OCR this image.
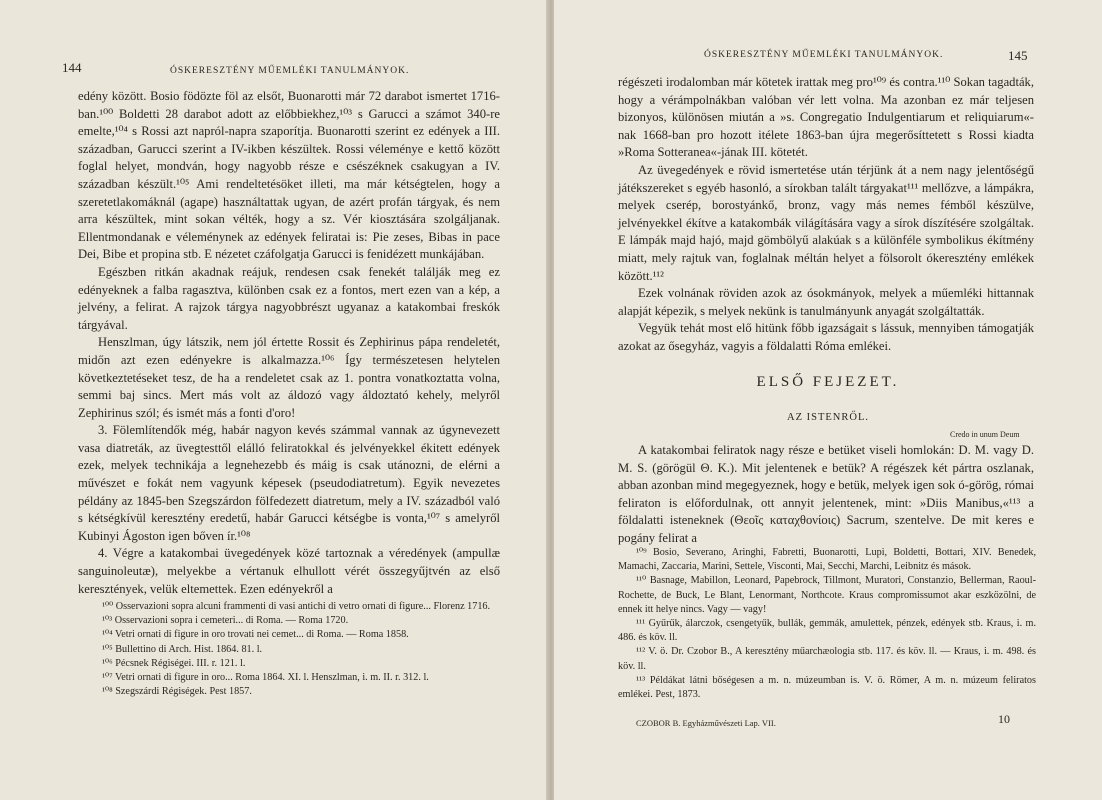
144	ÓSKERESZTÉNY MŰEMLÉKI TANULMÁNYOK.

edény között. Bosio födözte föl az elsőt, Buonarotti már 72 darabot ismertet 1716-ban.¹⁰⁰ Boldetti 28 darabot adott az előbbiekhez,¹⁰³ s Garucci a számot 340-re emelte,¹⁰⁴ s Rossi azt napról-napra szaporítja. Buonarotti szerint ez edények a III. században, Garucci szerint a IV-ikben készültek. Rossi véleménye e kettő között foglal helyet, mondván, hogy nagyobb része e csészéknek csakugyan a IV. században készült.¹⁰⁵ Ami rendeltetésöket illeti, ma már kétségtelen, hogy a szeretetlakomáknál (agape) használtattak ugyan, de azért profán tárgyak, és nem arra készültek, mint sokan vélték, hogy a sz. Vér kiosztására szolgáljanak. Ellentmondanak e véleménynek az edények feliratai is: Pie zeses, Bibas in pace Dei, Bibe et propina stb. E nézetet czáfolgatja Garucci is fenidézett munkájában.

Egészben ritkán akadnak reájuk, rendesen csak fenekét találják meg ez edényeknek a falba ragasztva, különben csak ez a fontos, mert ezen van a kép, a jelvény, a felirat. A rajzok tárgya nagyobbrészt ugyanaz a katakombai freskók tárgyával.

Henszlman, úgy látszik, nem jól értette Rossit és Zephirinus pápa rendeletét, midőn azt ezen edényekre is alkalmazza.¹⁰⁶ Így természetesen helytelen következtetéseket tesz, de ha a rendeletet csak az 1. pontra vonatkoztatta volna, semmi baj sincs. Mert más volt az áldozó vagy áldoztató kehely, melyről Zephirinus szól; és ismét más a fonti d'oro!

3. Fölemlítendők még, habár nagyon kevés számmal vannak az úgynevezett vasa diatreták, az üvegtesttől elálló feliratokkal és jelvényekkel ékitett edények ezek, melyek technikája a legnehezebb és máig is csak utánozni, de elérni a művészet e fokát nem vagyunk képesek (pseudodiatretum). Egyik nevezetes példány az 1845-ben Szegszárdon fölfedezett diatretum, mely a IV. századból való s kétségkívül keresztény eredetű, habár Garucci kétségbe is vonta,¹⁰⁷ s amelyről Kubinyi Ágoston igen bőven ír.¹⁰⁸

4. Végre a katakombai üvegedények közé tartoznak a véredények (ampullæ sanguinoleutæ), melyekbe a vértanuk elhullott vérét összegyűjtvén az első keresztények, velük eltemettek. Ezen edényekről a

¹⁰⁰ Osservazioni sopra alcuni frammenti di vasi antichi di vetro ornati di figure... Florenz 1716.

¹⁰³ Osservazioni sopra i cemeteri... di Roma. — Roma 1720.

¹⁰⁴ Vetri ornati di figure in oro trovati nei cemet... di Roma. — Roma 1858.

¹⁰⁵ Bullettino di Arch. Hist. 1864. 81. l.

¹⁰⁶ Pécsnek Régiségei. III. r. 121. l.

¹⁰⁷ Vetri ornati di figure in oro... Roma 1864. XI. l. Henszlman, i. m. II. r. 312. l.

¹⁰⁸ Szegszárdi Régiségek. Pest 1857.

ÓSKERESZTÉNY MŰEMLÉKI TANULMÁNYOK.	145

régészeti irodalomban már kötetek irattak meg pro¹⁰⁹ és contra.¹¹⁰ Sokan tagadták, hogy a vérámpolnákban valóban vér lett volna. Ma azonban ez már teljesen bizonyos, különösen miután a »s. Congregatio Indulgentiarum et reliquiarum«-nak 1668-ban pro hozott itélete 1863-ban újra megerősíttetett s Rossi kiadta »Roma Sotteranea«-jának III. kötetét.

Az üvegedények e rövid ismertetése után térjünk át a nem nagy jelentőségű játékszereket s egyéb hasonló, a sírokban talált tárgyakat¹¹¹ mellőzve, a lámpákra, melyek cserép, borostyánkő, bronz, vagy más nemes fémből készülve, jelvényekkel ékítve a katakombák világítására vagy a sírok díszítésére szolgáltak. E lámpák majd hajó, majd gömbölyű alakúak s a különféle symbolikus ékítmény miatt, mely rajtuk van, foglalnak méltán helyet a fölsorolt ókeresztény emlékek között.¹¹²

Ezek volnának röviden azok az ósokmányok, melyek a műemléki hittannak alapját képezik, s melyek nekünk is tanulmányunk anyagát szolgáltatták.

Vegyük tehát most elő hitünk főbb igazságait s lássuk, mennyiben támogatják azokat az ősegyház, vagyis a földalatti Róma emlékei.

ELSŐ FEJEZET.
AZ ISTENRŐL.
Credo in unum Deum

A katakombai feliratok nagy része e betüket viseli homlokán: D. M. vagy D. M. S. (görögül Θ. K.). Mit jelentenek e betük? A régészek két pártra oszlanak, abban azonban mind megegyeznek, hogy e betük, melyek igen sok ó-görög, római feliraton is előfordulnak, ott annyit jelentenek, mint: »Diis Manibus,«¹¹³ a földalatti isteneknek (Θεοῖς καταχθονίοις) Sacrum, szentelve. De mit keres e pogány felirat a

¹⁰⁹ Bosio, Severano, Aringhi, Fabretti, Buonarotti, Lupi, Boldetti, Bottari, XIV. Benedek, Mamachi, Zaccaria, Marini, Settele, Visconti, Mai, Secchi, Marchi, Leibnitz és mások.

¹¹⁰ Basnage, Mabillon, Leonard, Papebrock, Tillmont, Muratori, Constanzio, Bellerman, Raoul-Rochette, de Buck, Le Blant, Lenormant, Northcote. Kraus compromissumot akar eszközölni, de ennek itt helye nincs. Vagy — vagy!

¹¹¹ Gyűrűk, álarczok, csengetyűk, bullák, gemmák, amulettek, pénzek, edények stb. Kraus, i. m. 486. és köv. ll.

¹¹² V. ö. Dr. Czobor B., A keresztény műarchæologia stb. 117. és köv. ll. — Kraus, i. m. 498. és köv. ll.

¹¹³ Példákat látni bőségesen a m. n. múzeumban is. V. ö. Römer, A m. n. múzeum feliratos emlékei. Pest, 1873.

CZOBOR B. Egyházművészeti Lap. VII.	10
